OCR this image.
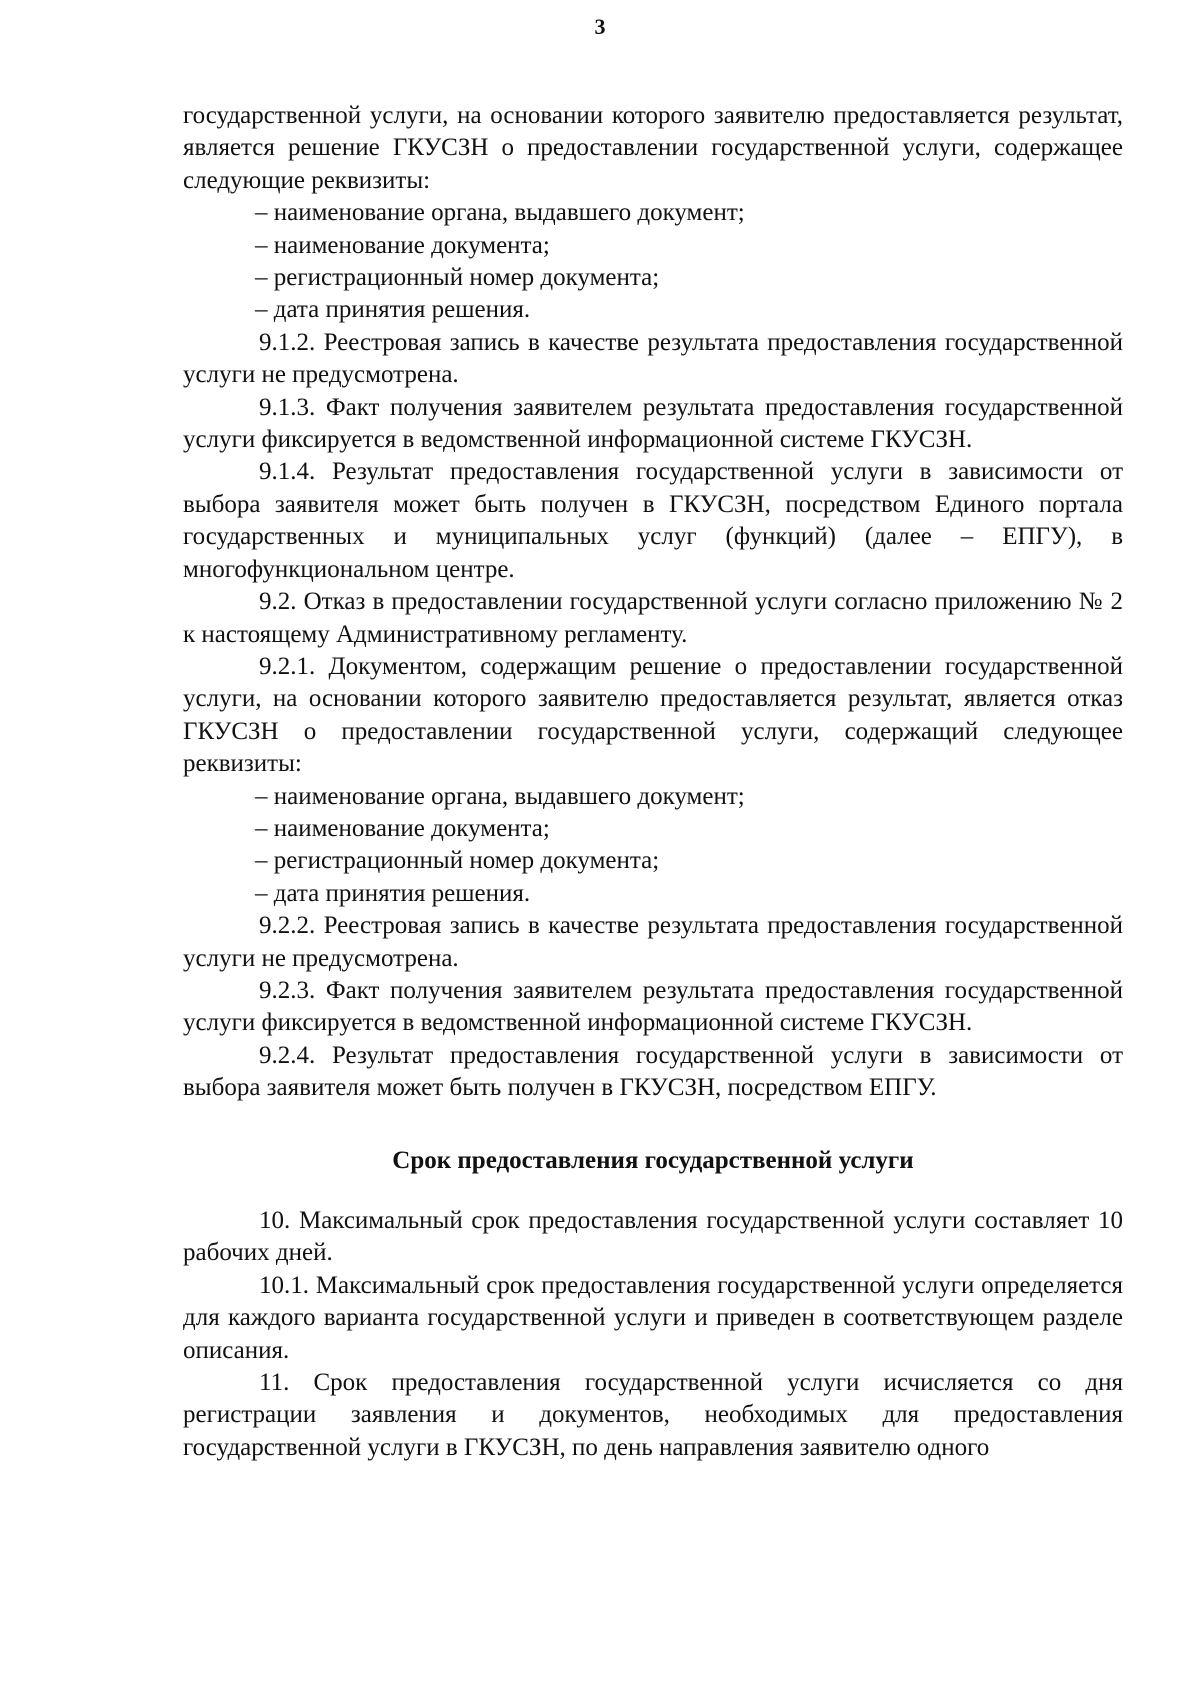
3

государственной услуги, на основании которого заявителю предоставляется результат, является решение ГКУСЗН о предоставлении государственной услуги, содержащее следующие реквизиты:

– наименование органа, выдавшего документ;

– наименование документа;

– регистрационный номер документа;

– дата принятия решения.

9.1.2. Реестровая запись в качестве результата предоставления государственной услуги не предусмотрена.

9.1.3. Факт получения заявителем результата предоставления государственной услуги фиксируется в ведомственной информационной системе ГКУСЗН.

9.1.4. Результат предоставления государственной услуги в зависимости от выбора заявителя может быть получен в ГКУСЗН, посредством Единого портала государственных и муниципальных услуг (функций) (далее – ЕПГУ), в многофункциональном центре.

9.2. Отказ в предоставлении государственной услуги согласно приложению № 2 к настоящему Административному регламенту.

9.2.1. Документом, содержащим решение о предоставлении государственной услуги, на основании которого заявителю предоставляется результат, является отказ ГКУСЗН о предоставлении государственной услуги, содержащий следующее реквизиты:

– наименование органа, выдавшего документ;

– наименование документа;

– регистрационный номер документа;

– дата принятия решения.

9.2.2. Реестровая запись в качестве результата предоставления государственной услуги не предусмотрена.

9.2.3. Факт получения заявителем результата предоставления государственной услуги фиксируется в ведомственной информационной системе ГКУСЗН.

9.2.4. Результат предоставления государственной услуги в зависимости от выбора заявителя может быть получен в ГКУСЗН, посредством ЕПГУ.

Срок предоставления государственной услуги

10. Максимальный срок предоставления государственной услуги составляет 10 рабочих дней.

10.1. Максимальный срок предоставления государственной услуги определяется для каждого варианта государственной услуги и приведен в соответствующем разделе описания.

11. Срок предоставления государственной услуги исчисляется со дня регистрации заявления и документов, необходимых для предоставления государственной услуги в ГКУСЗН, по день направления заявителю одного
